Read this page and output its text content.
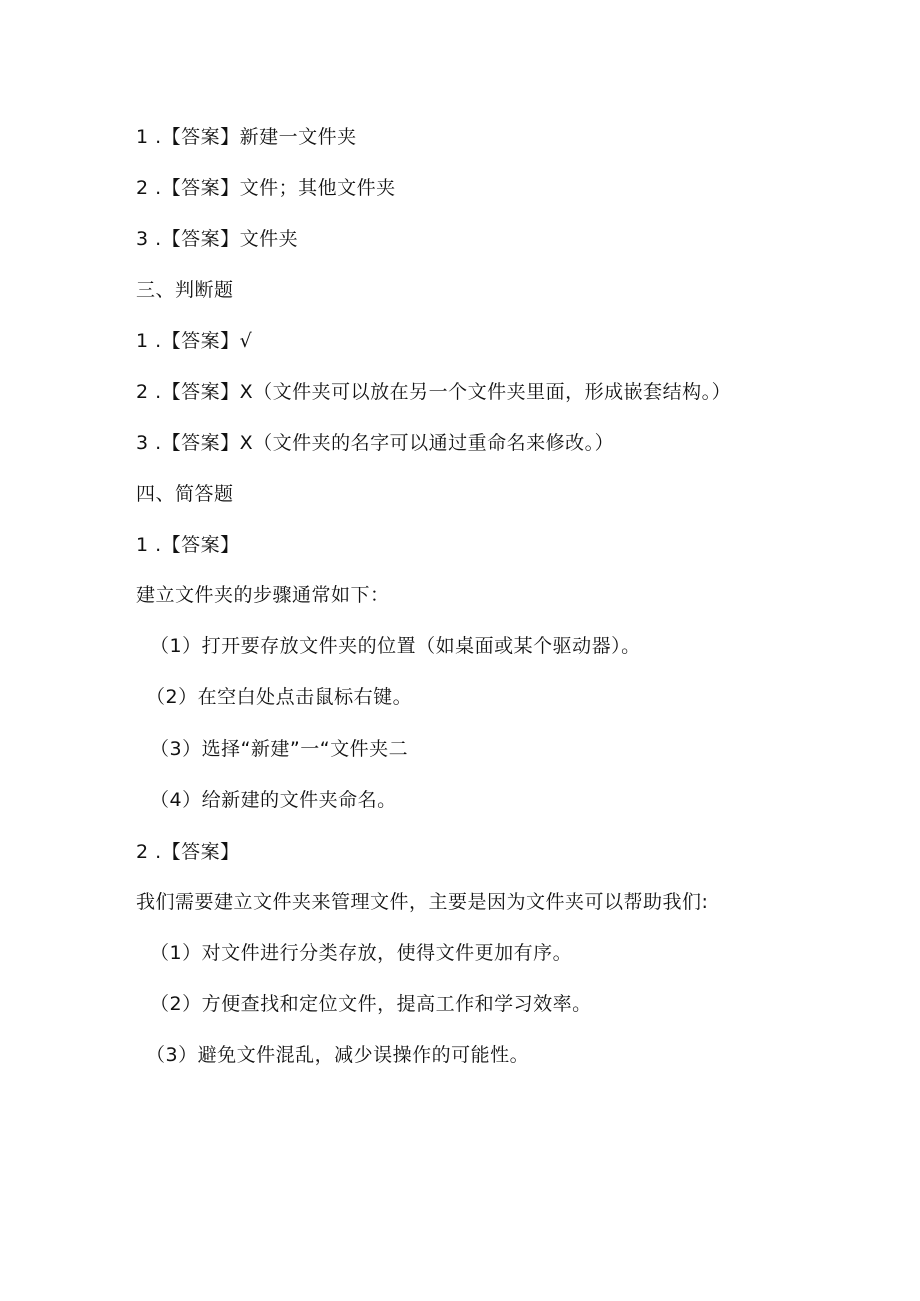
1 .【答案】新建一文件夹
2 .【答案】文件；其他文件夹
3 .【答案】文件夹
三、判断题
1 .【答案】√
2 .【答案】X（文件夹可以放在另一个文件夹里面，形成嵌套结构。）
3 .【答案】X（文件夹的名字可以通过重命名来修改。）
四、简答题
1 .【答案】
建立文件夹的步骤通常如下：
（1）打开要存放文件夹的位置（如桌面或某个驱动器）。
（2）在空白处点击鼠标右键。
（3）选择“新建”一“文件夹二
（4）给新建的文件夹命名。
2 .【答案】
我们需要建立文件夹来管理文件，主要是因为文件夹可以帮助我们:
（1）对文件进行分类存放，使得文件更加有序。
（2）方便查找和定位文件，提高工作和学习效率。
（3）避免文件混乱，减少误操作的可能性。
